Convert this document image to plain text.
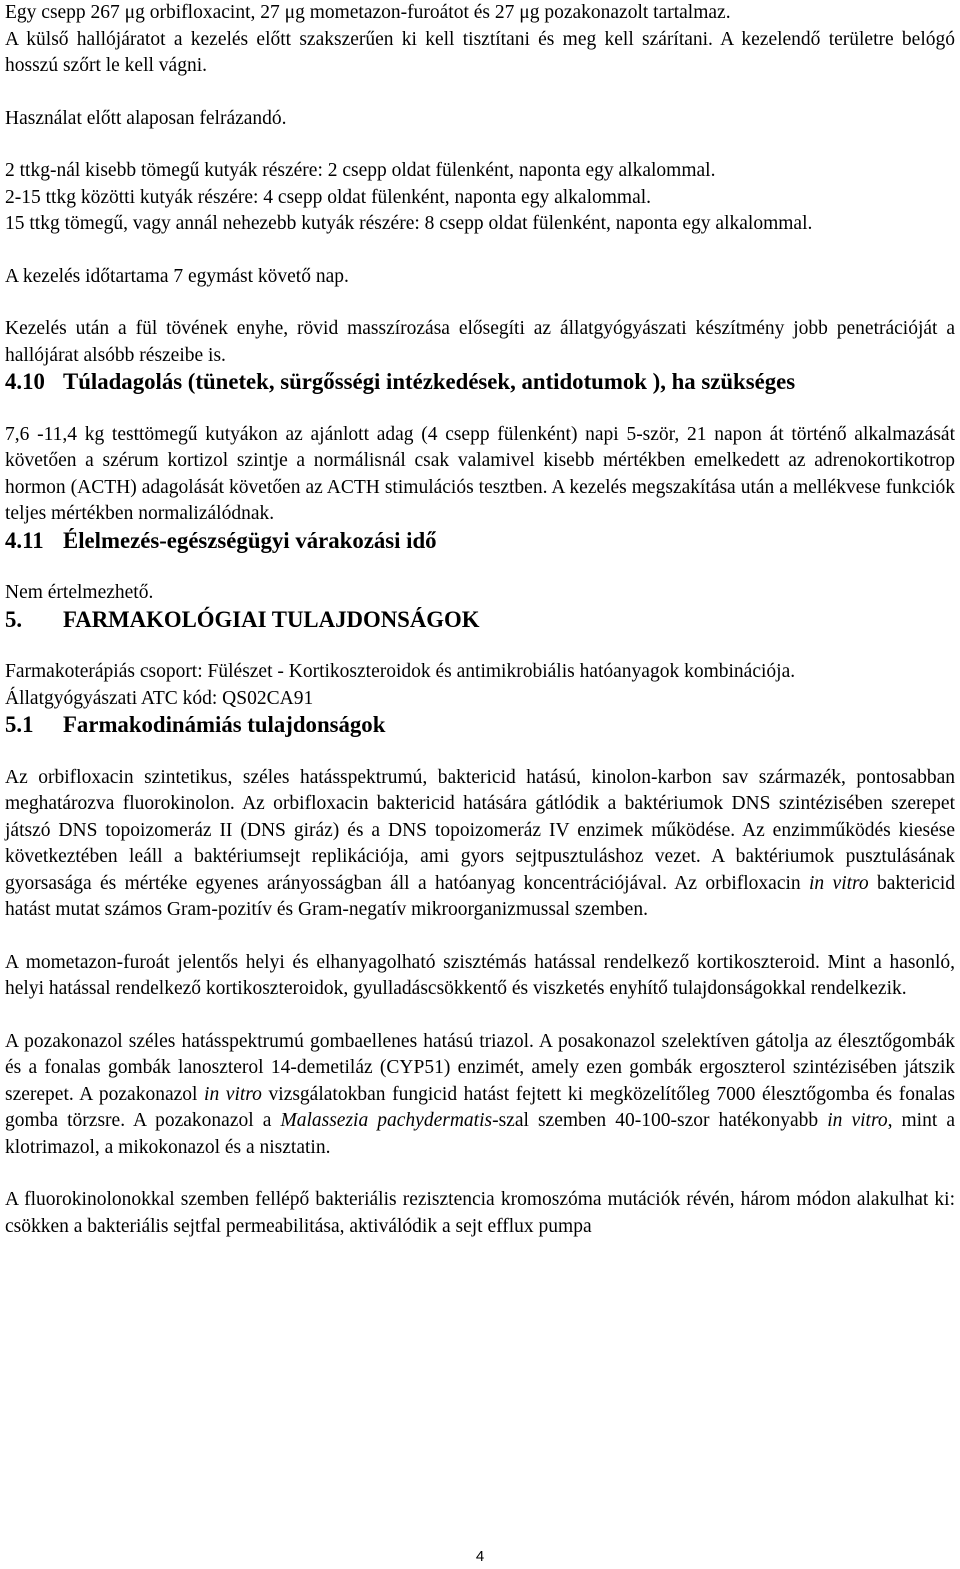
Egy csepp 267 μg orbifloxacint, 27 μg mometazon-furoátot és 27 μg pozakonazolt tartalmaz.

A külső hallójáratot a kezelés előtt szakszerűen ki kell tisztítani és meg kell szárítani. A kezelendő területre belógó hosszú szőrt le kell vágni.

Használat előtt alaposan felrázandó.

2 ttkg-nál kisebb tömegű kutyák részére: 2 csepp oldat fülenként, naponta egy alkalommal.

2-15 ttkg közötti kutyák részére: 4 csepp oldat fülenként, naponta egy alkalommal.

15 ttkg tömegű, vagy annál nehezebb kutyák részére: 8 csepp oldat fülenként, naponta egy alkalommal.

A kezelés időtartama 7 egymást követő nap.

Kezelés után a fül tövének enyhe, rövid masszírozása elősegíti az állatgyógyászati készítmény jobb penetrációját a hallójárat alsóbb részeibe is.

4.10 Túladagolás (tünetek, sürgősségi intézkedések, antidotumok ), ha szükséges

7,6 -11,4 kg testtömegű kutyákon az ajánlott adag (4 csepp fülenként) napi 5-ször, 21 napon át történő alkalmazását követően a szérum kortizol szintje a normálisnál csak valamivel kisebb mértékben emelkedett az adrenokortikotrop hormon (ACTH) adagolását követően az ACTH stimulációs tesztben. A kezelés megszakítása után a mellékvese funkciók teljes mértékben normalizálódnak.

4.11 Élelmezés-egészségügyi várakozási idő

Nem értelmezhető.

5. FARMAKOLÓGIAI TULAJDONSÁGOK

Farmakoterápiás csoport: Fülészet - Kortikoszteroidok és antimikrobiális hatóanyagok kombinációja.

Állatgyógyászati ATC kód: QS02CA91

5.1 Farmakodinámiás tulajdonságok

Az orbifloxacin szintetikus, széles hatásspektrumú, baktericid hatású, kinolon-karbon sav származék, pontosabban meghatározva fluorokinolon. Az orbifloxacin baktericid hatására gátlódik a baktériumok DNS szintézisében szerepet játszó DNS topoizomeráz II (DNS giráz) és a DNS topoizomeráz IV enzimek működése. Az enzimműködés kiesése következtében leáll a baktériumsejt replikációja, ami gyors sejtpusztuláshoz vezet. A baktériumok pusztulásának gyorsasága és mértéke egyenes arányosságban áll a hatóanyag koncentrációjával. Az orbifloxacin in vitro baktericid hatást mutat számos Gram-pozitív és Gram-negatív mikroorganizmussal szemben.

A mometazon-furoát jelentős helyi és elhanyagolható szisztémás hatással rendelkező kortikoszteroid. Mint a hasonló, helyi hatással rendelkező kortikoszteroidok, gyulladáscsökkentő és viszketés enyhítő tulajdonságokkal rendelkezik.

A pozakonazol széles hatásspektrumú gombaellenes hatású triazol. A posakonazol szelektíven gátolja az élesztőgombák és a fonalas gombák lanoszterol 14-demetiláz (CYP51) enzimét, amely ezen gombák ergoszterol szintézisében játszik szerepet. A pozakonazol in vitro vizsgálatokban fungicid hatást fejtett ki megközelítőleg 7000 élesztőgomba és fonalas gomba törzsre. A pozakonazol a Malassezia pachydermatis-szal szemben 40-100-szor hatékonyabb in vitro, mint a klotrimazol, a mikokonazol és a nisztatin.

A fluorokinolonokkal szemben fellépő bakteriális rezisztencia kromoszóma mutációk révén, három módon alakulhat ki: csökken a bakteriális sejtfal permeabilitása, aktiválódik a sejt efflux pumpa

4
